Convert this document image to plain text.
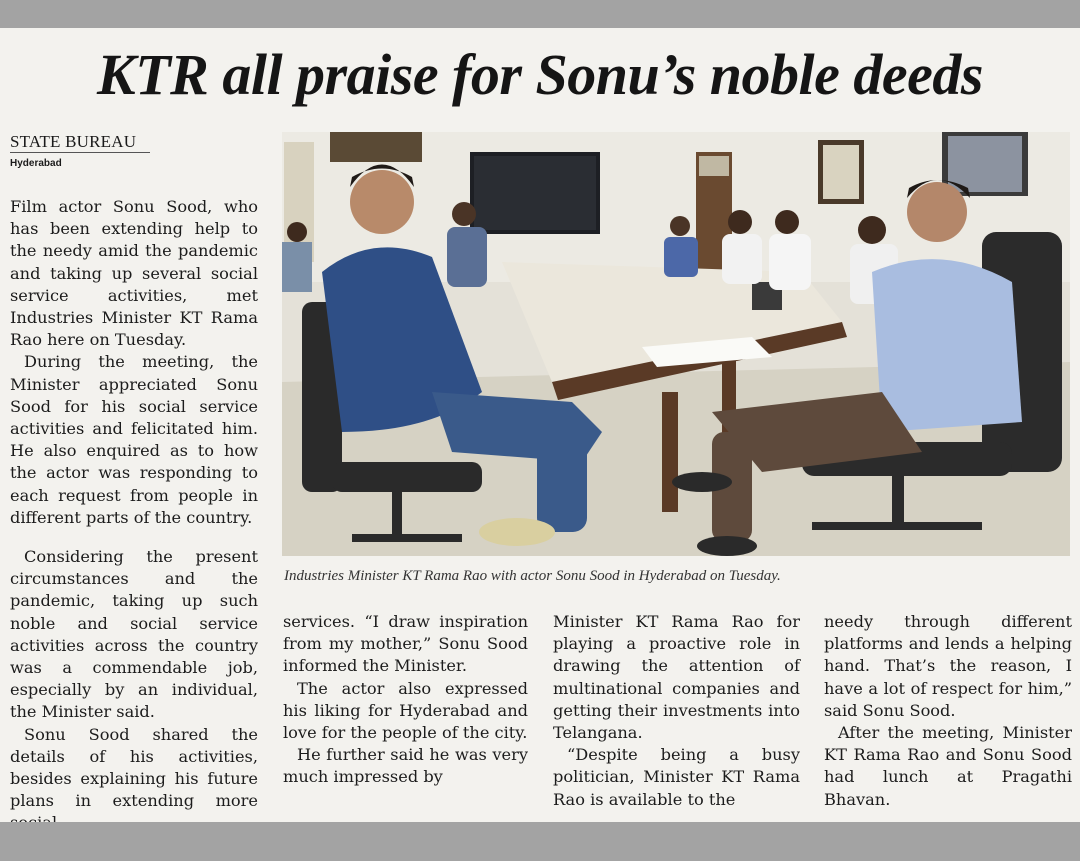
KTR all praise for Sonu’s noble deeds
STATE BUREAU
Hyderabad

Film actor Sonu Sood, who has been extending help to the needy amid the pandemic and taking up several social service activities, met Industries Minister KT Rama Rao here on Tuesday.

During the meeting, the Minister appreciated Sonu Sood for his social service activities and felicitated him. He also enquired as to how the actor was responding to each request from people in different parts of the country.

Considering the present circumstances and the pandemic, taking up such noble and social service activities across the country was a commendable job, especially by an individual, the Minister said.

Sonu Sood shared the details of his activities, besides explaining his future plans in extending more

Industries Minister KT Rama Rao with actor Sonu Sood in Hyderabad on Tuesday.

services. “I draw inspiration from my mother,” Sonu Sood informed the Minister.

The actor also expressed his liking for Hyderabad and love for the people of the city.

He further said he was very much impressed by

Minister KT Rama Rao for playing a proactive role in drawing the attention of multinational companies and getting their investments into Telangana.

“Despite being a busy politician, Minister KT Rama Rao is available to the

needy through different platforms and lends a helping hand. That’s the reason, I have a lot of respect for him,” said Sonu Sood.

After the meeting, Minister KT Rama Rao and Sonu Sood had lunch at Pragathi Bhavan.
